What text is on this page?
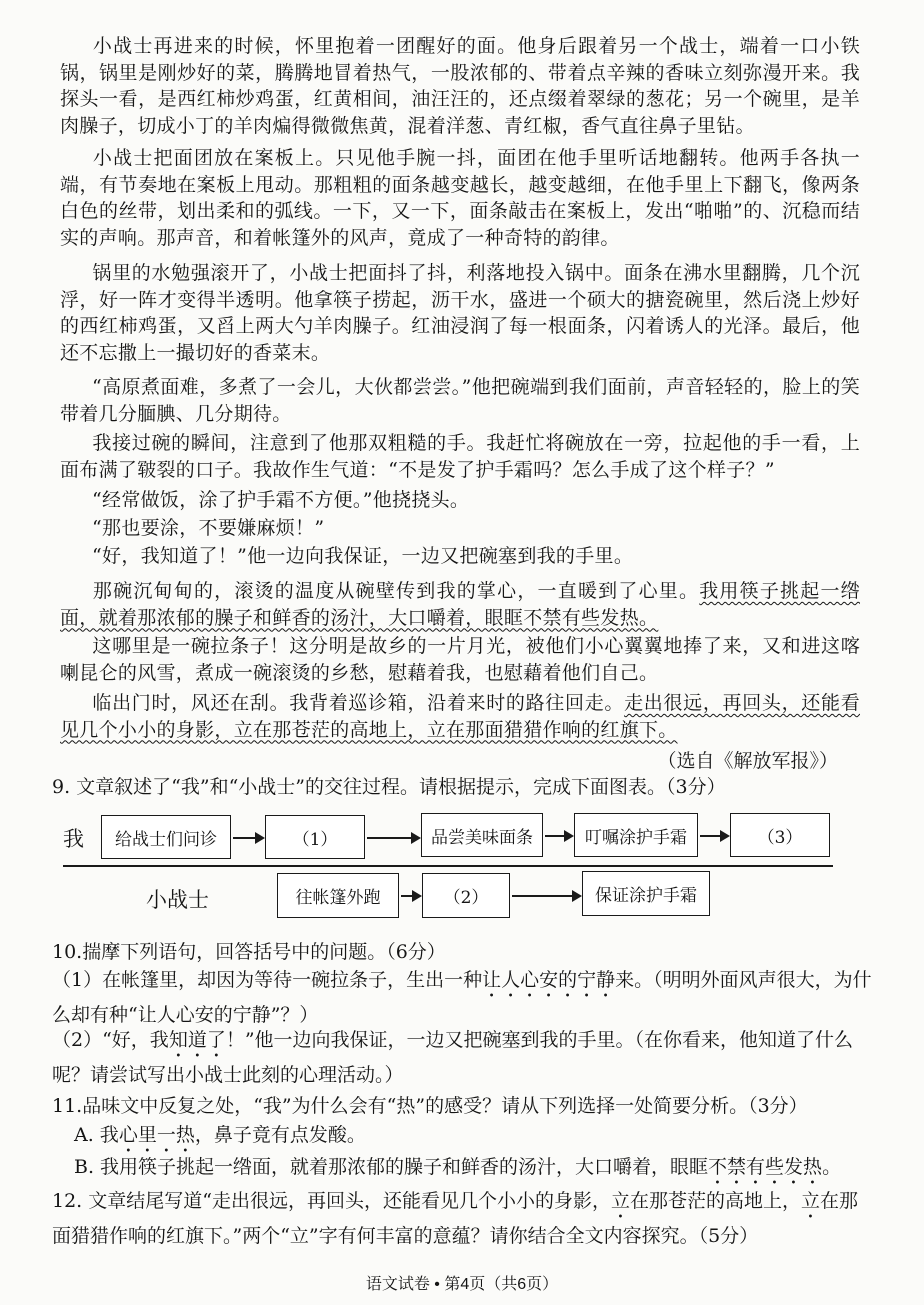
小战士再进来的时候，怀里抱着一团醒好的面。他身后跟着另一个战士，端着一口小铁锅，锅里是刚炒好的菜，腾腾地冒着热气，一股浓郁的、带着点辛辣的香味立刻弥漫开来。我探头一看，是西红柿炒鸡蛋，红黄相间，油汪汪的，还点缀着翠绿的葱花；另一个碗里，是羊肉臊子，切成小丁的羊肉煸得微微焦黄，混着洋葱、青红椒，香气直往鼻子里钻。

小战士把面团放在案板上。只见他手腕一抖，面团在他手里听话地翻转。他两手各执一端，有节奏地在案板上甩动。那粗粗的面条越变越长，越变越细，在他手里上下翻飞，像两条白色的丝带，划出柔和的弧线。一下，又一下，面条敲击在案板上，发出“啪啪”的、沉稳而结实的声响。那声音，和着帐篷外的风声，竟成了一种奇特的韵律。

锅里的水勉强滚开了，小战士把面抖了抖，利落地投入锅中。面条在沸水里翻腾，几个沉浮，好一阵才变得半透明。他拿筷子捞起，沥干水，盛进一个硕大的搪瓷碗里，然后浇上炒好的西红柿鸡蛋，又舀上两大勺羊肉臊子。红油浸润了每一根面条，闪着诱人的光泽。最后，他还不忘撒上一撮切好的香菜末。

“高原煮面难，多煮了一会儿，大伙都尝尝。”他把碗端到我们面前，声音轻轻的，脸上的笑带着几分腼腆、几分期待。

我接过碗的瞬间，注意到了他那双粗糙的手。我赶忙将碗放在一旁，拉起他的手一看，上面布满了皲裂的口子。我故作生气道：“不是发了护手霜吗？怎么手成了这个样子？”

“经常做饭，涂了护手霜不方便。”他挠挠头。

“那也要涂，不要嫌麻烦！”

“好，我知道了！”他一边向我保证，一边又把碗塞到我的手里。

那碗沉甸甸的，滚烫的温度从碗壁传到我的掌心，一直暖到了心里。我用筷子挑起一绺面，就着那浓郁的臊子和鲜香的汤汁，大口嚼着，眼眶不禁有些发热。

这哪里是一碗拉条子！这分明是故乡的一片月光，被他们小心翼翼地捧了来，又和进这喀喇昆仑的风雪，煮成一碗滚烫的乡愁，慰藉着我，也慰藉着他们自己。

临出门时，风还在刮。我背着巡诊箱，沿着来时的路往回走。走出很远，再回头，还能看见几个小小的身影，立在那苍茫的高地上，立在那面猎猎作响的红旗下。

（选自《解放军报》）

9. 文章叙述了“我”和“小战士”的交往过程。请根据提示，完成下面图表。（3分）

我	给战士们问诊	（1）	品尝美味面条	叮嘱涂护手霜	（3）
小战士	往帐篷外跑	（2）	保证涂护手霜

10.揣摩下列语句，回答括号中的问题。（6分）

（1）在帐篷里，却因为等待一碗拉条子，生出一种让人心安的宁静来。（明明外面风声很大，为什么却有种“让人心安的宁静”？）

（2）“好，我知道了！”他一边向我保证，一边又把碗塞到我的手里。（在你看来，他知道了什么呢？请尝试写出小战士此刻的心理活动。）

11.品味文中反复之处，“我”为什么会有“热”的感受？请从下列选择一处简要分析。（3分）

A. 我心里一热，鼻子竟有点发酸。

B. 我用筷子挑起一绺面，就着那浓郁的臊子和鲜香的汤汁，大口嚼着，眼眶不禁有些发热。

12. 文章结尾写道“走出很远，再回头，还能看见几个小小的身影，立在那苍茫的高地上，立在那面猎猎作响的红旗下。”两个“立”字有何丰富的意蕴？请你结合全文内容探究。（5分）

语文试卷 • 第4页（共6页）
